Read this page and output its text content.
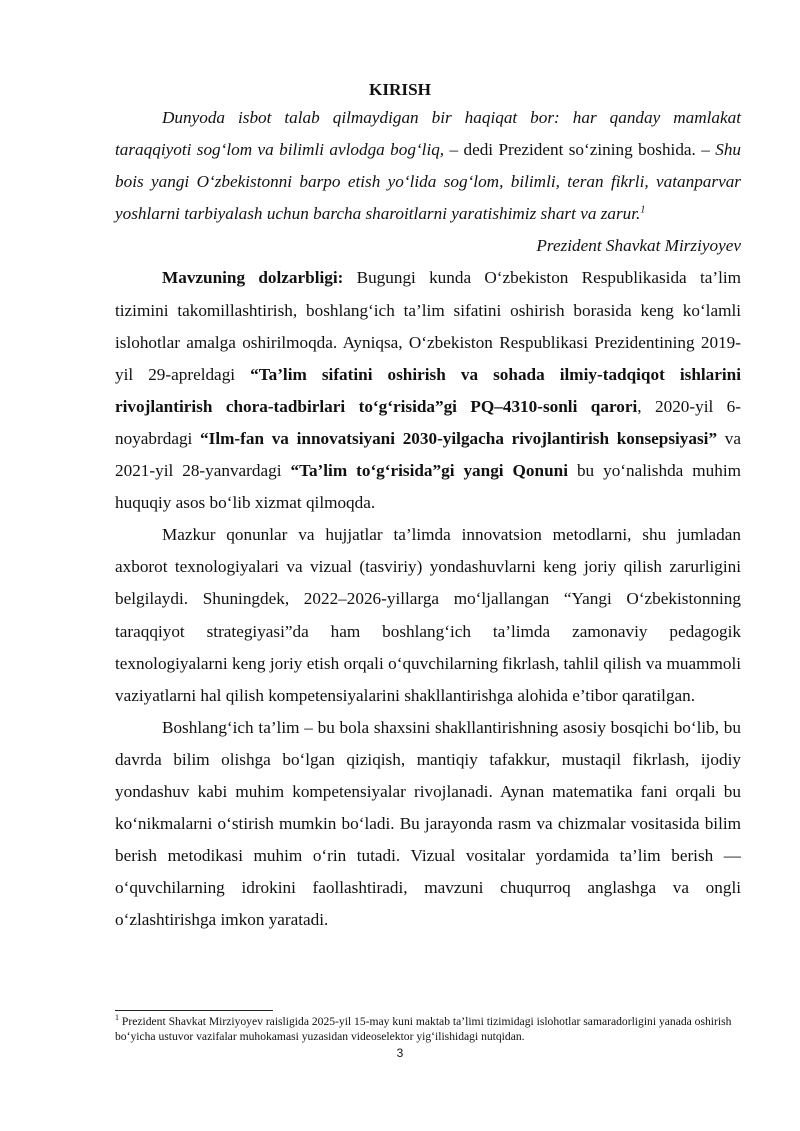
KIRISH

Dunyoda isbot talab qilmaydigan bir haqiqat bor: har qanday mamlakat taraqqiyoti sog‘lom va bilimli avlodga bog‘liq, – dedi Prezident so‘zining boshida. – Shu bois yangi O‘zbekistonni barpo etish yo‘lida sog‘lom, bilimli, teran fikrli, vatanparvar yoshlarni tarbiyalash uchun barcha sharoitlarni yaratishimiz shart va zarur.$^1$

Prezident Shavkat Mirziyoyev

Mavzuning dolzarbligi: Bugungi kunda O‘zbekiston Respublikasida ta’lim tizimini takomillashtirish, boshlang‘ich ta’lim sifatini oshirish borasida keng ko‘lamli islohotlar amalga oshirilmoqda. Ayniqsa, O‘zbekiston Respublikasi Prezidentining 2019-yil 29-apreldagi “Ta’lim sifatini oshirish va sohada ilmiy-tadqiqot ishlarini rivojlantirish chora-tadbirlari to‘g‘risida”gi PQ–4310-sonli qarori, 2020-yil 6-noyabrdagi “Ilm-fan va innovatsiyani 2030-yilgacha rivojlantirish konsepsiyasi” va 2021-yil 28-yanvardagi “Ta’lim to‘g‘risida”gi yangi Qonuni bu yo‘nalishda muhim huquqiy asos bo‘lib xizmat qilmoqda.

Mazkur qonunlar va hujjatlar ta’limda innovatsion metodlarni, shu jumladan axborot texnologiyalari va vizual (tasviriy) yondashuvlarni keng joriy qilish zarurligini belgilaydi. Shuningdek, 2022–2026-yillarga mo‘ljallangan “Yangi O‘zbekistonning taraqqiyot strategiyasi”da ham boshlang‘ich ta’limda zamonaviy pedagogik texnologiyalarni keng joriy etish orqali o‘quvchilarning fikrlash, tahlil qilish va muammoli vaziyatlarni hal qilish kompetensiyalarini shakllantirishga alohida e’tibor qaratilgan.

Boshlang‘ich ta’lim – bu bola shaxsini shakllantirishning asosiy bosqichi bo‘lib, bu davrda bilim olishga bo‘lgan qiziqish, mantiqiy tafakkur, mustaqil fikrlash, ijodiy yondashuv kabi muhim kompetensiyalar rivojlanadi. Aynan matematika fani orqali bu ko‘nikmalarni o‘stirish mumkin bo‘ladi. Bu jarayonda rasm va chizmalar vositasida bilim berish metodikasi muhim o‘rin tutadi. Vizual vositalar yordamida ta’lim berish — o‘quvchilarning idrokini faollashtiradi, mavzuni chuqurroq anglashga va ongli o‘zlashtirishga imkon yaratadi.

$^1$ Prezident Shavkat Mirziyoyev raisligida 2025-yil 15-may kuni maktab ta’limi tizimidagi islohotlar samaradorligini yanada oshirish bo‘yicha ustuvor vazifalar muhokamasi yuzasidan videoselektor yig‘ilishidagi nutqidan.
3
